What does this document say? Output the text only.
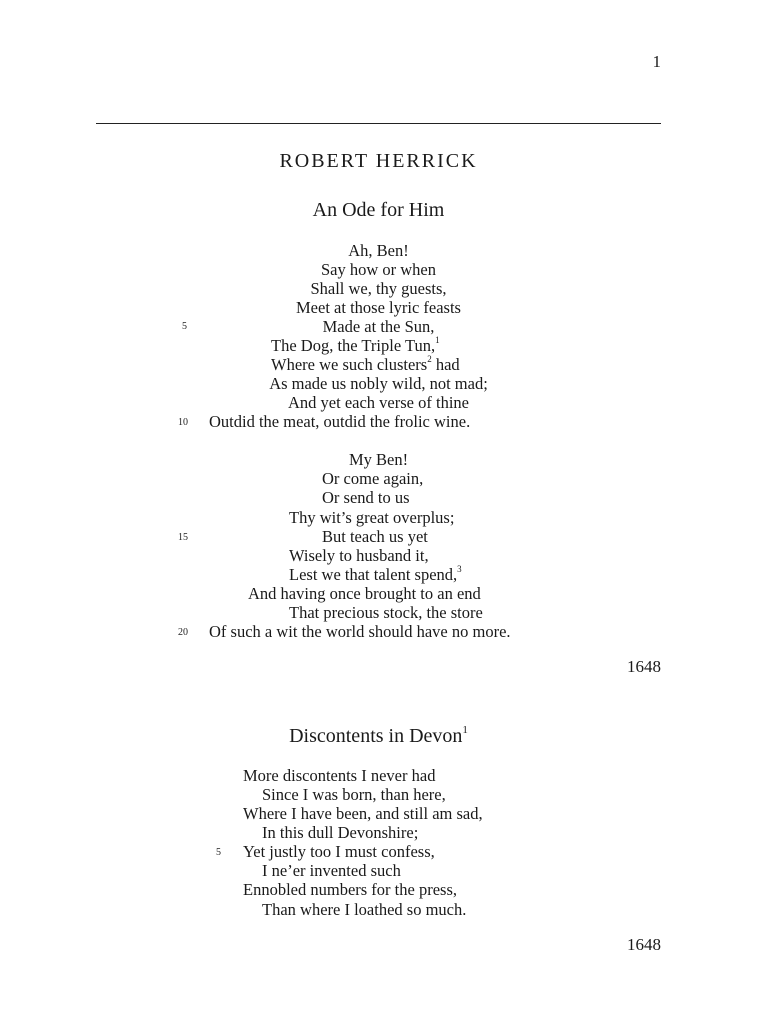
1
ROBERT HERRICK
An Ode for Him
Ah, Ben!
Say how or when
Shall we, thy guests,
Meet at those lyric feasts
Made at the Sun,
The Dog, the Triple Tun,$^1$
Where we such clusters$^2$ had
As made us nobly wild, not mad;
And yet each verse of thine
Outdid the meat, outdid the frolic wine.
My Ben!
Or come again,
Or send to us
Thy wit’s great overplus;
But teach us yet
Wisely to husband it,
Lest we that talent spend,$^3$
And having once brought to an end
That precious stock, the store
Of such a wit the world should have no more.
5
10
15
20
1648
Discontents in Devon$^1$
More discontents I never had
Since I was born, than here,
Where I have been, and still am sad,
In this dull Devonshire;
Yet justly too I must confess,
I ne’er invented such
Ennobled numbers for the press,
Than where I loathed so much.
5
1648
